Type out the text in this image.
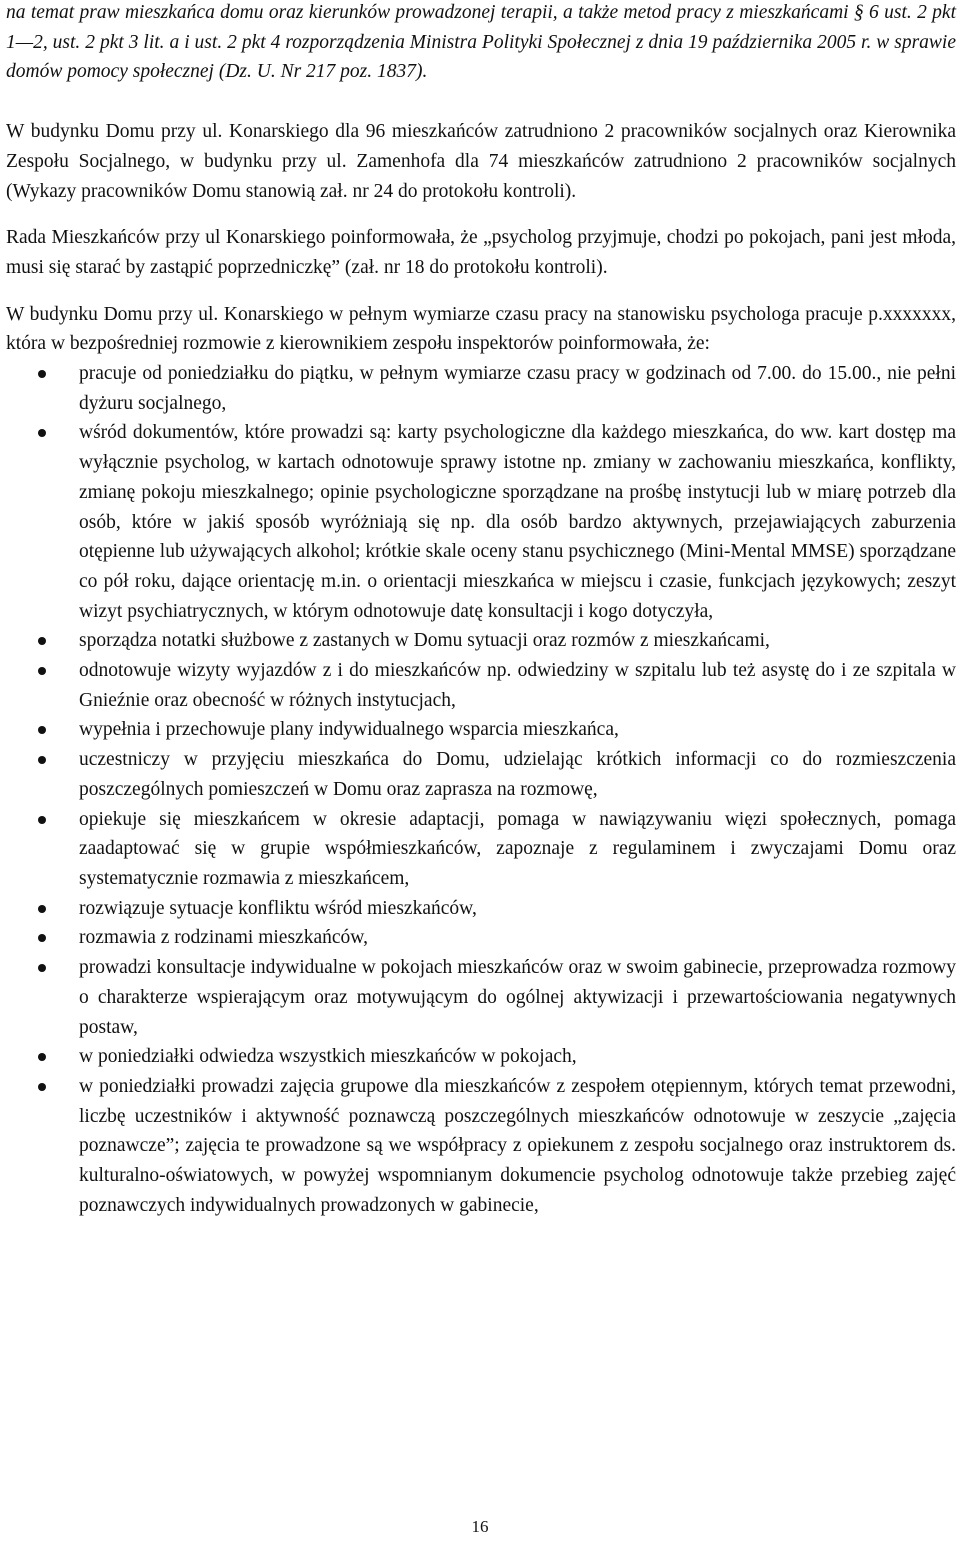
na temat praw mieszkańca domu oraz kierunków prowadzonej terapii, a także metod pracy z mieszkańcami § 6 ust. 2 pkt 1—2, ust. 2 pkt 3 lit. a i ust. 2 pkt 4 rozporządzenia Ministra Polityki Społecznej z dnia 19 października 2005 r. w sprawie domów pomocy społecznej (Dz. U. Nr 217 poz. 1837).

W budynku Domu przy ul. Konarskiego dla 96 mieszkańców zatrudniono 2 pracowników socjalnych oraz Kierownika Zespołu Socjalnego, w budynku przy ul. Zamenhofa dla 74 mieszkańców zatrudniono 2 pracowników socjalnych (Wykazy pracowników Domu stanowią zał. nr 24 do protokołu kontroli).

Rada Mieszkańców przy ul Konarskiego poinformowała, że „psycholog przyjmuje, chodzi po pokojach, pani jest młoda, musi się starać by zastąpić poprzedniczkę” (zał. nr 18 do protokołu kontroli).

W budynku Domu przy ul. Konarskiego w pełnym wymiarze czasu pracy na stanowisku psychologa pracuje p.xxxxxxx, która w bezpośredniej rozmowie z kierownikiem zespołu inspektorów poinformowała, że:

pracuje od poniedziałku do piątku, w pełnym wymiarze czasu pracy w godzinach od 7.00. do 15.00., nie pełni dyżuru socjalnego,
wśród dokumentów, które prowadzi są: karty psychologiczne dla każdego mieszkańca, do ww. kart dostęp ma wyłącznie psycholog, w kartach odnotowuje sprawy istotne np. zmiany w zachowaniu mieszkańca, konflikty, zmianę pokoju mieszkalnego; opinie psychologiczne sporządzane na prośbę instytucji lub w miarę potrzeb dla osób, które w jakiś sposób wyróżniają się np. dla osób bardzo aktywnych, przejawiających zaburzenia otępienne lub używających alkohol; krótkie skale oceny stanu psychicznego (Mini-Mental MMSE) sporządzane co pół roku, dające orientację m.in. o orientacji mieszkańca w miejscu i czasie, funkcjach językowych; zeszyt wizyt psychiatrycznych, w którym odnotowuje datę konsultacji i kogo dotyczyła,
sporządza notatki służbowe z zastanych w Domu sytuacji oraz rozmów z mieszkańcami,
odnotowuje wizyty wyjazdów z i do mieszkańców np. odwiedziny w szpitalu lub też asystę do i ze szpitala w Gnieźnie oraz obecność w różnych instytucjach,
wypełnia i przechowuje plany indywidualnego wsparcia mieszkańca,
uczestniczy w przyjęciu mieszkańca do Domu, udzielając krótkich informacji co do rozmieszczenia poszczególnych pomieszczeń w Domu oraz zaprasza na rozmowę,
opiekuje się mieszkańcem w okresie adaptacji, pomaga w nawiązywaniu więzi społecznych, pomaga zaadaptować się w grupie współmieszkańców, zapoznaje z regulaminem i zwyczajami Domu oraz systematycznie rozmawia z mieszkańcem,
rozwiązuje sytuacje konfliktu wśród mieszkańców,
rozmawia z rodzinami mieszkańców,
prowadzi konsultacje indywidualne w pokojach mieszkańców oraz w swoim gabinecie, przeprowadza rozmowy o charakterze wspierającym oraz motywującym do ogólnej aktywizacji i przewartościowania negatywnych postaw,
w poniedziałki odwiedza wszystkich mieszkańców w pokojach,
w poniedziałki prowadzi zajęcia grupowe dla mieszkańców z zespołem otępiennym, których temat przewodni, liczbę uczestników i aktywność poznawczą poszczególnych mieszkańców odnotowuje w zeszycie „zajęcia poznawcze”; zajęcia te prowadzone są we współpracy z opiekunem z zespołu socjalnego oraz instruktorem ds. kulturalno-oświatowych, w powyżej wspomnianym dokumencie psycholog odnotowuje także przebieg zajęć poznawczych indywidualnych prowadzonych w gabinecie,
16
